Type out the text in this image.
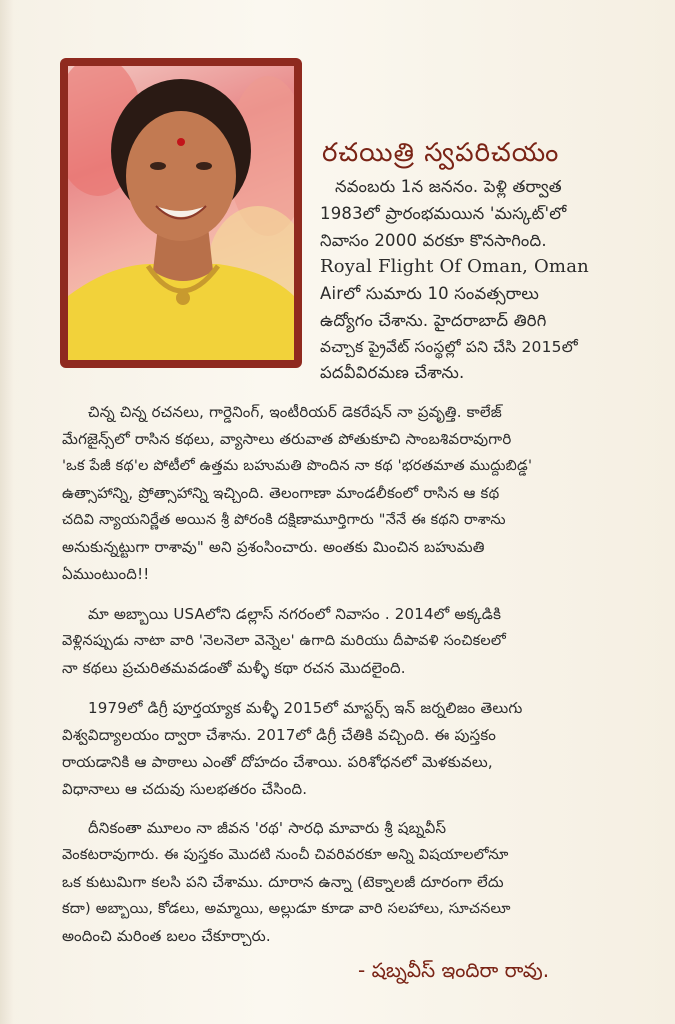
రచయిత్రి స్వపరిచయం
నవంబరు 1న జననం. పెళ్లి తర్వాత
1983లో ప్రారంభమయిన 'మస్కట్'లో
నివాసం 2000 వరకూ కొనసాగింది.
Royal Flight Of Oman, Oman
Airలో సుమారు 10 సంవత్సరాలు
ఉద్యోగం చేశాను. హైదరాబాద్ తిరిగి
వచ్చాక ప్రైవేట్ సంస్థల్లో పని చేసి 2015లో
పదవీవిరమణ చేశాను.
చిన్న చిన్న రచనలు, గార్డెనింగ్, ఇంటీరియర్ డెకరేషన్ నా ప్రవృత్తి. కాలేజ్
మేగజైన్స్‌లో రాసిన కథలు, వ్యాసాలు తరువాత పోతుకూచి సాంబశివరావుగారి
'ఒక పేజీ కథ'ల పోటీలో ఉత్తమ బహుమతి పొందిన నా కథ 'భరతమాత ముద్దుబిడ్డ'
ఉత్సాహాన్ని, ప్రోత్సాహాన్ని ఇచ్చింది. తెలంగాణా మాండలీకంలో రాసిన ఆ కథ
చదివి న్యాయనిర్ణేత అయిన శ్రీ పోరంకి దక్షిణామూర్తిగారు "నేనే ఈ కథని రాశాను
అనుకున్నట్టుగా రాశావు" అని ప్రశంసించారు. అంతకు మించిన బహుమతి
ఏముంటుంది!!
మా అబ్బాయి USAలోని డల్లాస్ నగరంలో నివాసం . 2014లో అక్కడికి
వెళ్లినప్పుడు నాటా వారి 'నెలనెలా వెన్నెల' ఉగాది మరియు దీపావళి సంచికలలో
నా కథలు ప్రచురితమవడంతో మళ్ళీ కథా రచన మొదలైంది.
1979లో డిగ్రీ పూర్తయ్యాక మళ్ళీ 2015లో మాస్టర్స్ ఇన్ జర్నలిజం తెలుగు
విశ్వవిద్యాలయం ద్వారా చేశాను. 2017లో డిగ్రీ చేతికి వచ్చింది. ఈ పుస్తకం
రాయడానికి ఆ పాఠాలు ఎంతో దోహదం చేశాయి. పరిశోధనలో మెళకువలు,
విధానాలు ఆ చదువు సులభతరం చేసింది.
దీనికంతా మూలం నా జీవన 'రథ' సారధి మావారు శ్రీ షబ్నవీస్
వెంకటరావుగారు. ఈ పుస్తకం మొదటి నుంచీ చివరివరకూ అన్ని విషయాలలోనూ
ఒక కుటుమిగా కలసి పని చేశాము. దూరాన ఉన్నా (టెక్నాలజీ దూరంగా లేదు
కదా) అబ్బాయి, కోడలు, అమ్మాయి, అల్లుడూ కూడా వారి సలహాలు, సూచనలూ
అందించి మరింత బలం చేకూర్చారు.
- షబ్నవీస్ ఇందిరా రావు.
